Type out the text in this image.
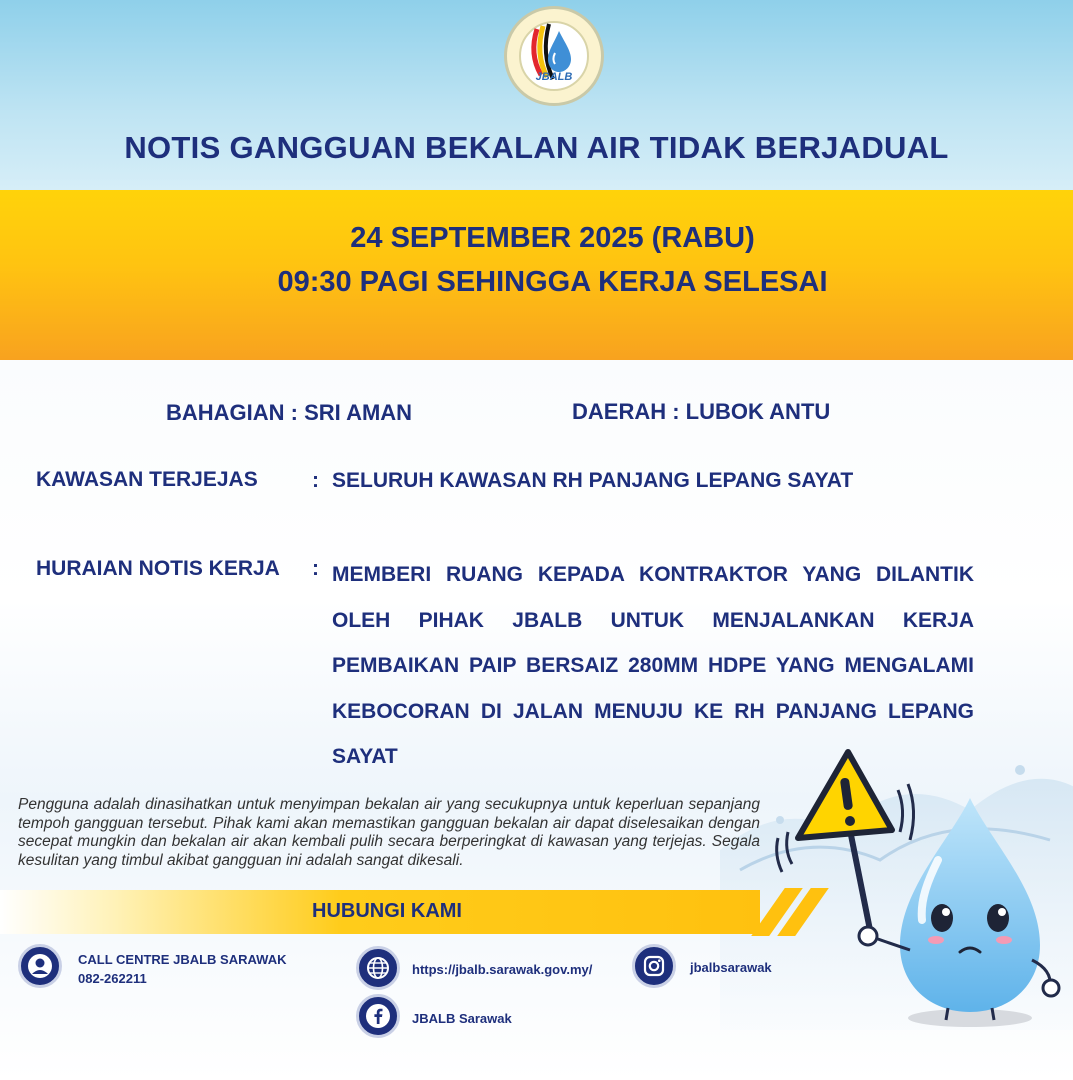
JBALB
NOTIS GANGGUAN BEKALAN AIR TIDAK BERJADUAL
24 SEPTEMBER 2025 (RABU)
09:30 PAGI SEHINGGA KERJA SELESAI
BAHAGIAN : SRI AMAN	DAERAH : LUBOK ANTU
KAWASAN TERJEJAS	: SELURUH KAWASAN RH PANJANG LEPANG SAYAT
HURAIAN NOTIS KERJA : MEMBERI RUANG KEPADA KONTRAKTOR YANG DILANTIK OLEH PIHAK JBALB UNTUK MENJALANKAN KERJA PEMBAIKAN PAIP BERSAIZ 280MM HDPE YANG MENGALAMI KEBOCORAN DI JALAN MENUJU KE RH PANJANG LEPANG SAYAT
Pengguna adalah dinasihatkan untuk menyimpan bekalan air yang secukupnya untuk keperluan sepanjang tempoh gangguan tersebut. Pihak kami akan memastikan gangguan bekalan air dapat diselesaikan dengan secepat mungkin dan bekalan air akan kembali pulih secara berperingkat di kawasan yang terjejas. Segala kesulitan yang timbul akibat gangguan ini adalah sangat dikesali.
HUBUNGI KAMI
CALL CENTRE JBALB SARAWAK
082-262211
https://jbalb.sarawak.gov.my/	jbalbsarawak
JBALB Sarawak
